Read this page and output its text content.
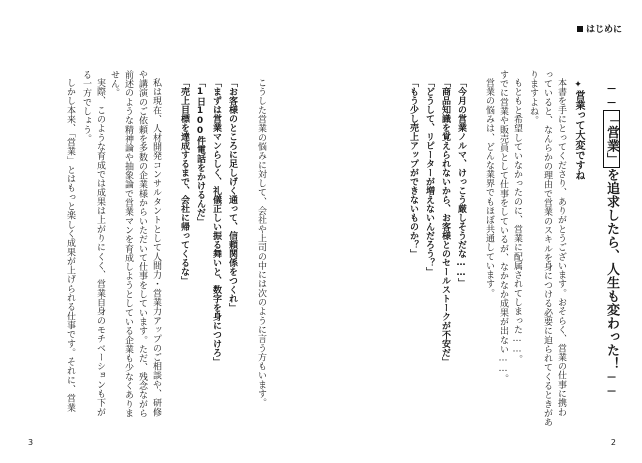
はじめに
──「営業」を追求したら、人生も変わった！──
✦営業って大変ですね
本書を手にとってくださり、ありがとうございます。おそらく、営業の仕事に携わ
っていると、なんらかの理由で営業のスキルを身につける必要に迫られてくるときがあ
りますよね。
もともと希望していなかったのに、営業に配属されてしまった……。
すでに営業や販売員として仕事をしているが、なかなか成果が出ない……。
営業の悩みは、どんな業界でもほぼ共通しています。
「今月の営業ノルマ、けっこう厳しそうだな……」
「商品知識を覚えられないから、お客様とのセールストークが不安だ」
「どうして、リピーターが増えないんだろう？」
「もう少し売上アップができないものか？」
2
こうした営業の悩みに対して、会社や上司の中には次のように言う方もいます。
「お客様のところに足しげく通って、信頼関係をつくれ」
「まずは営業マンらしく、礼儀正しい振る舞いと、数字を身につけろ」
「1日100件電話をかけるんだ」
「売上目標を達成するまで、会社に帰ってくるな」
私は現在、人材開発コンサルタントとして人間力・営業力アップのご相談や、研修
や講演のご依頼を多数の企業様からいただいて仕事をしています。ただ、残念ながら
前述のような精神論や抽象論で営業マンを育成しようとしている企業も少なくありま
せん。
実際、このような育成では成果は上がりにくく、営業自身のモチベーションも下が
る一方でしょう。
しかし本来、「営業」とはもっと楽しく成果が上げられる仕事です。それに、営業
3
